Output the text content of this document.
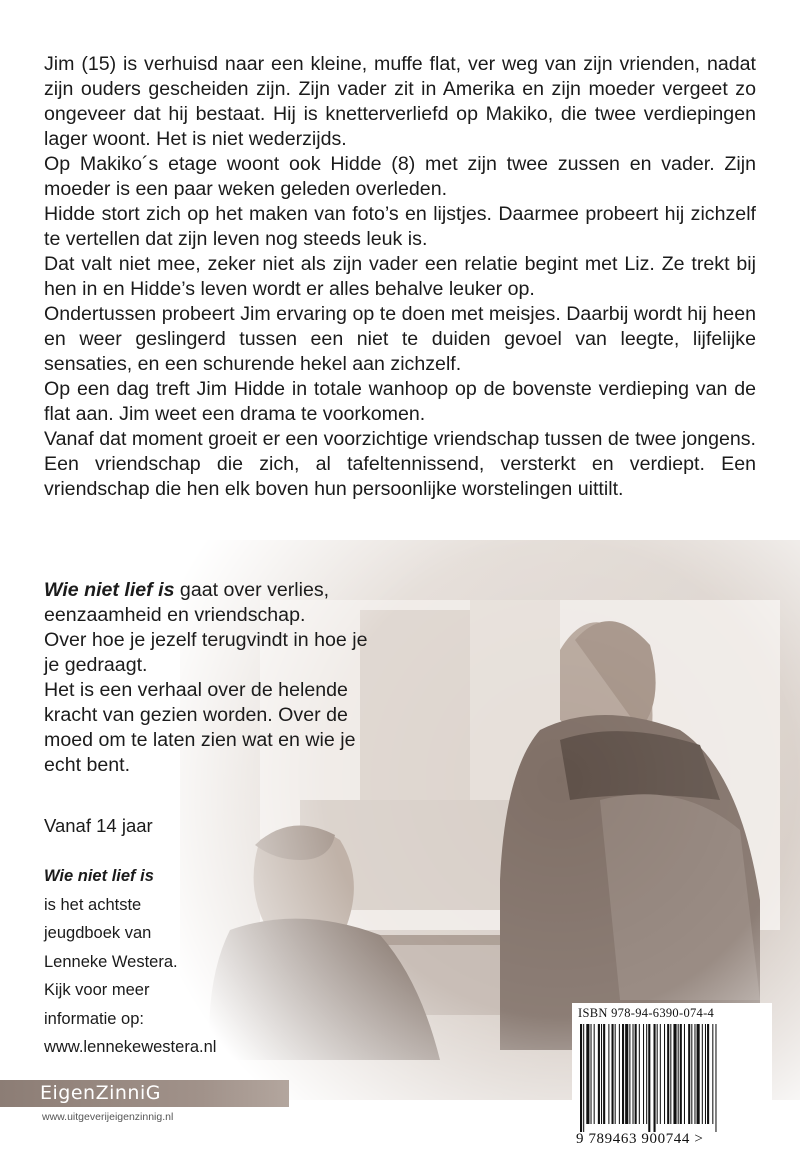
Jim (15) is verhuisd naar een kleine, muffe flat, ver weg van zijn vrienden, nadat zijn ouders gescheiden zijn. Zijn vader zit in Amerika en zijn moeder vergeet zo ongeveer dat hij bestaat. Hij is knetterverliefd op Makiko, die twee verdiepingen lager woont. Het is niet wederzijds.

Op Makiko´s etage woont ook Hidde (8) met zijn twee zussen en vader. Zijn moeder is een paar weken geleden overleden.

Hidde stort zich op het maken van foto’s en lijstjes. Daarmee probeert hij zichzelf te vertellen dat zijn leven nog steeds leuk is.

Dat valt niet mee, zeker niet als zijn vader een relatie begint met Liz. Ze trekt bij hen in en Hidde’s leven wordt er alles behalve leuker op.

Ondertussen probeert Jim ervaring op te doen met meisjes. Daarbij wordt hij heen en weer geslingerd tussen een niet te duiden gevoel van leegte, lijfelijke sensaties, en een schurende hekel aan zichzelf.

Op een dag treft Jim Hidde in totale wanhoop op de bovenste verdieping van de flat aan. Jim weet een drama te voorkomen.

Vanaf dat moment groeit er een voorzichtige vriendschap tussen de twee jongens. Een vriendschap die zich, al tafeltennissend, versterkt en verdiept. Een vriendschap die hen elk boven hun persoonlijke worstelingen uittilt.

Wie niet lief is gaat over verlies, eenzaamheid en vriendschap.

Over hoe je jezelf terugvindt in hoe je je gedraagt.

Het is een verhaal over de helende kracht van gezien worden. Over de moed om te laten zien wat en wie je echt bent.

Vanaf 14 jaar
Wie niet lief is
is het achtste
jeugdboek van
Lenneke Westera.
Kijk voor meer
informatie op:
www.lennekewestera.nl
EigenZinniG
www.uitgeverijeigenzinnig.nl
ISBN 978-94-6390-074-4
9 789463 900744 >
